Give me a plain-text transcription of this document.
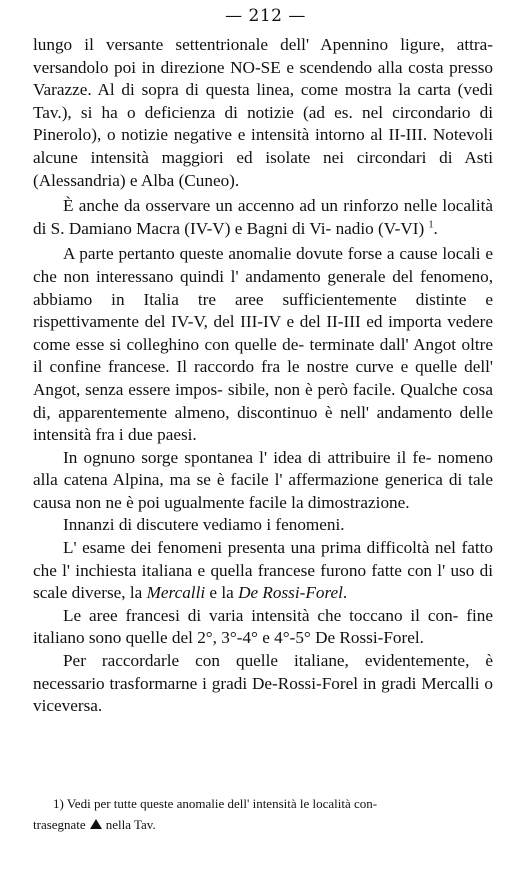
— 212 —

lungo il versante settentrionale dell' Apennino ligure, attra- versandolo poi in direzione NO-SE e scendendo alla costa presso Varazze. Al di sopra di questa linea, come mostra la carta (vedi Tav.), si ha o deficienza di notizie (ad es. nel circondario di Pinerolo), o notizie negative e intensità intorno al II-III. Notevoli alcune intensità maggiori ed isolate nei circondari di Asti (Alessandria) e Alba (Cuneo).

È anche da osservare un accenno ad un rinforzo nelle località di S. Damiano Macra (IV-V) e Bagni di Vi- nadio (V-VI) $^1$.

A parte pertanto queste anomalie dovute forse a cause locali e che non interessano quindi l' andamento generale del fenomeno, abbiamo in Italia tre aree sufficientemente distinte e rispettivamente del IV-V, del III-IV e del II-III ed importa vedere come esse si colleghino con quelle de- terminate dall' Angot oltre il confine francese. Il raccordo fra le nostre curve e quelle dell' Angot, senza essere impos- sibile, non è però facile. Qualche cosa di, apparentemente almeno, discontinuo è nell' andamento delle intensità fra i due paesi.

In ognuno sorge spontanea l' idea di attribuire il fe- nomeno alla catena Alpina, ma se è facile l' affermazione generica di tale causa non ne è poi ugualmente facile la dimostrazione.

Innanzi di discutere vediamo i fenomeni.

L' esame dei fenomeni presenta una prima difficoltà nel fatto che l' inchiesta italiana e quella francese furono fatte con l' uso di scale diverse, la Mercalli e la De Rossi-Forel.

Le aree francesi di varia intensità che toccano il con- fine italiano sono quelle del 2°, 3°-4° e 4°-5° De Rossi-Forel.

Per raccordarle con quelle italiane, evidentemente, è necessario trasformarne i gradi De-Rossi-Forel in gradi Mercalli o viceversa.

1) Vedi per tutte queste anomalie dell' intensità le località con-
trasegnate nella Tav.
